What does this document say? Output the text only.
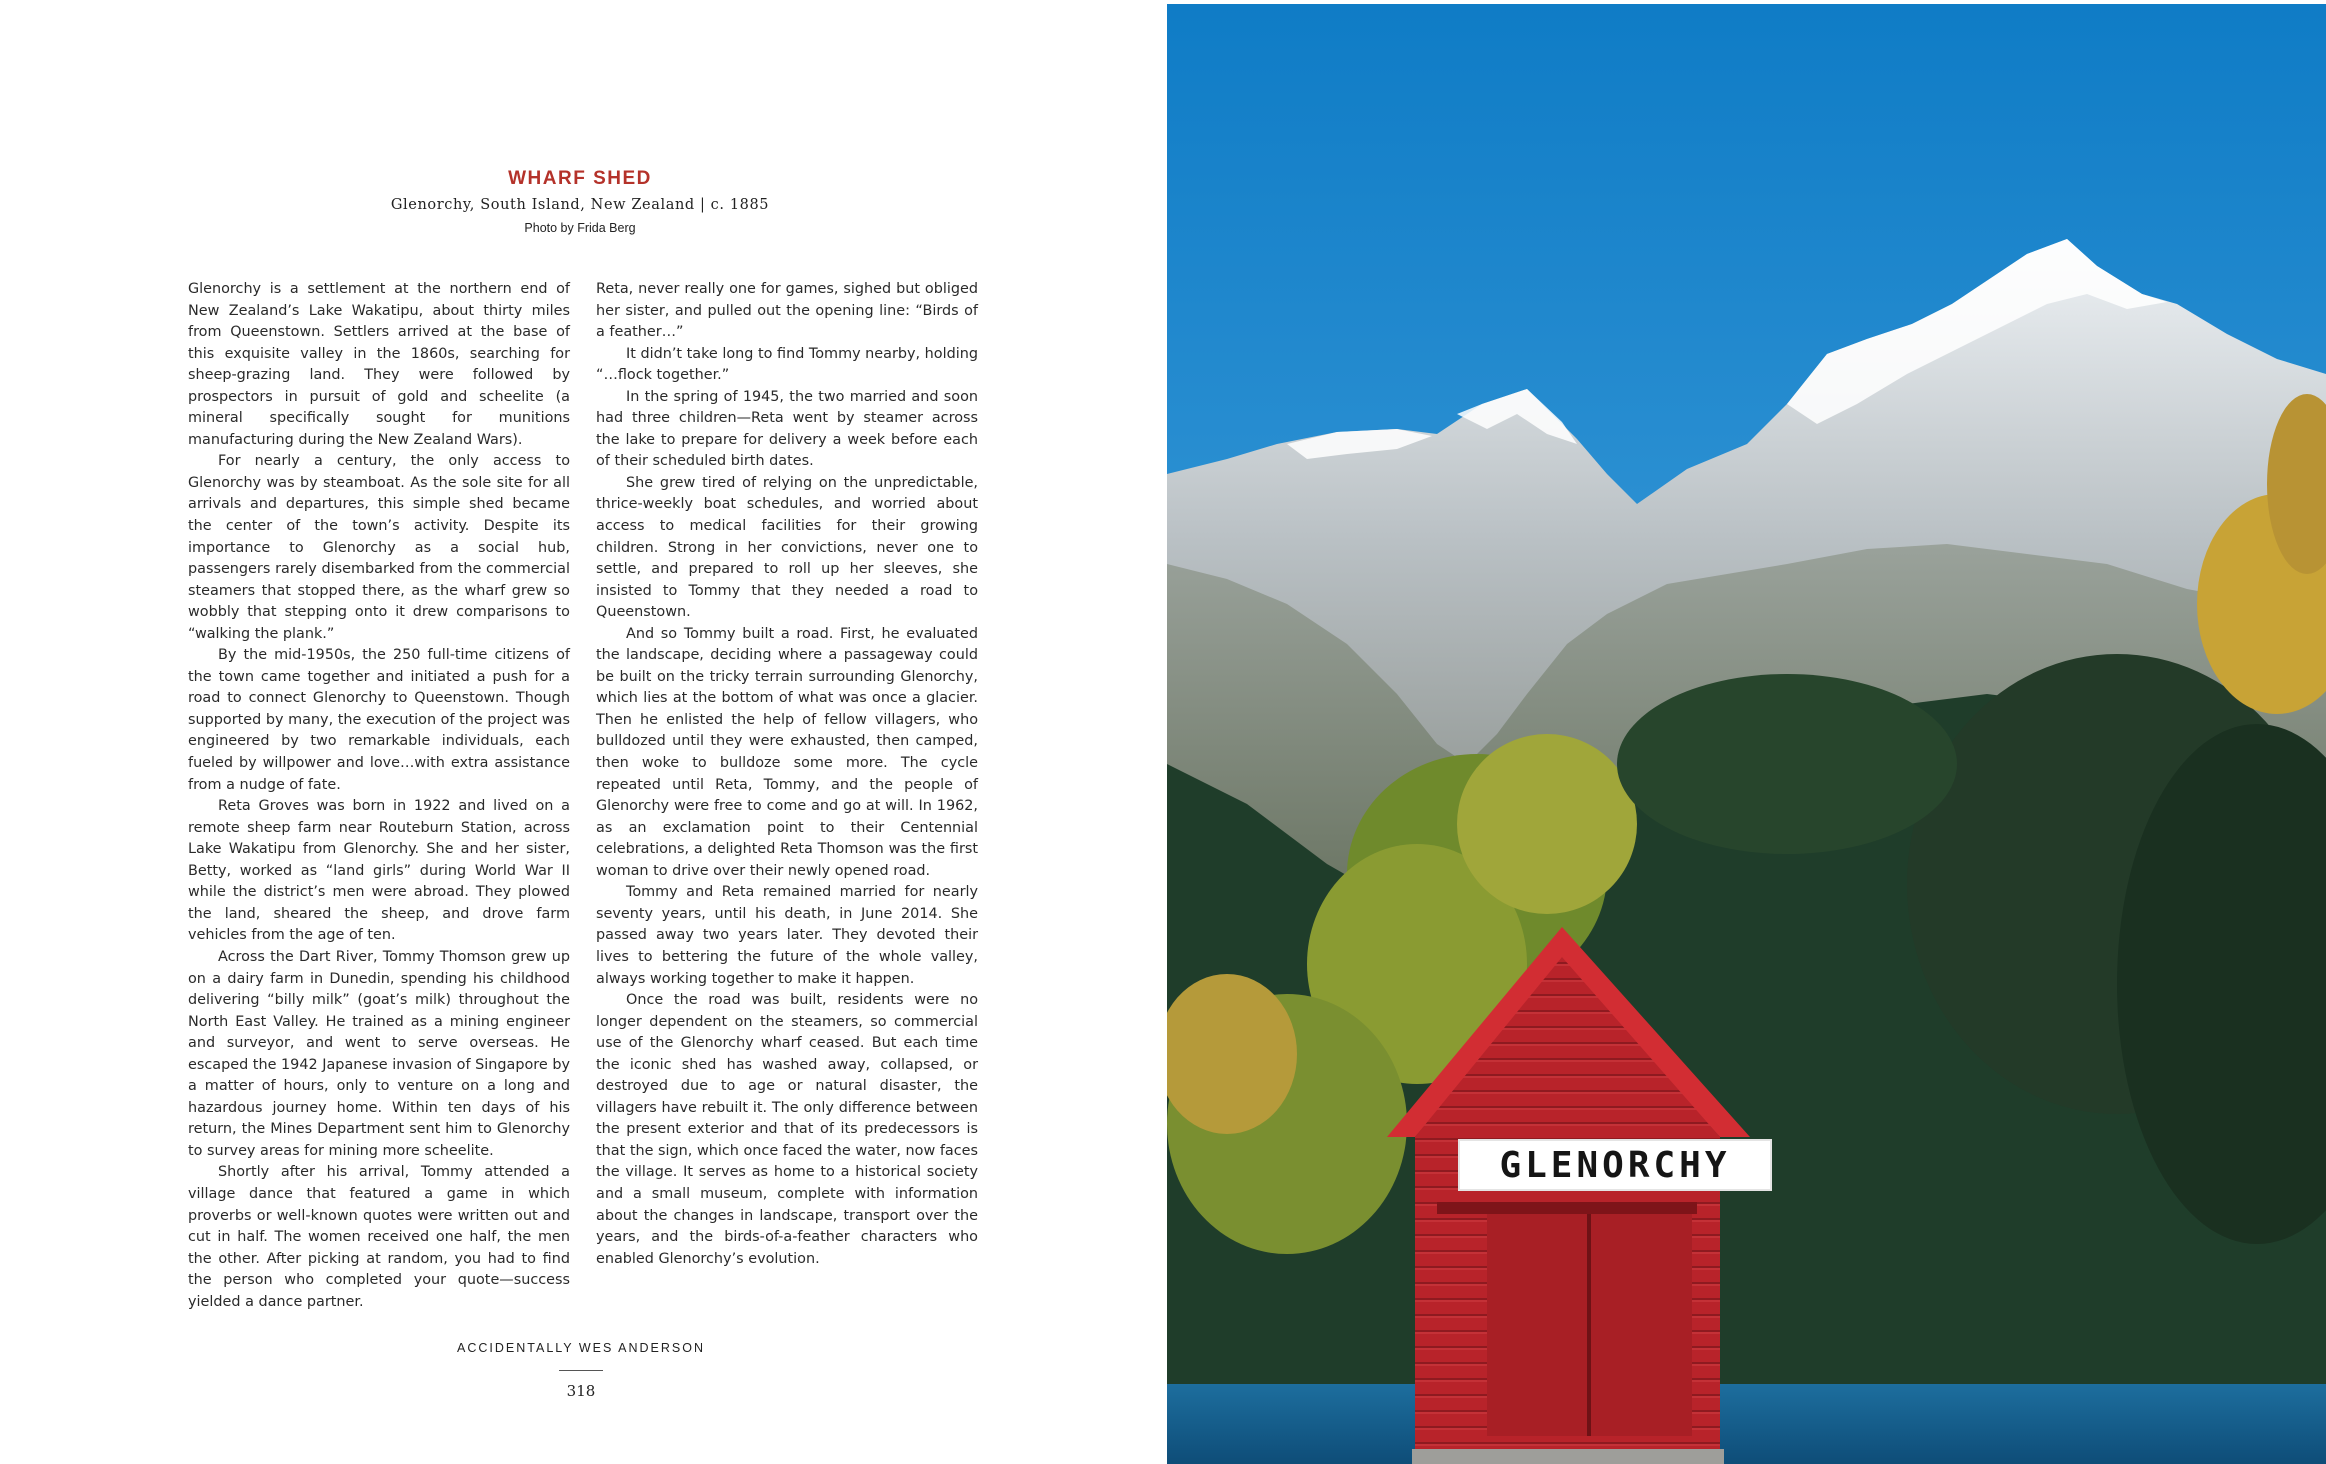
WHARF SHED
Glenorchy, South Island, New Zealand | c. 1885
Photo by Frida Berg

Glenorchy is a settlement at the northern end of New Zealand’s Lake Wakatipu, about thirty miles from Queenstown. Settlers arrived at the base of this exquisite valley in the 1860s, searching for sheep-grazing land. They were followed by prospectors in pursuit of gold and scheelite (a mineral specifically sought for munitions manufacturing during the New Zealand Wars).

For nearly a century, the only access to Glenorchy was by steamboat. As the sole site for all arrivals and departures, this simple shed became the center of the town’s activity. Despite its importance to Glenorchy as a social hub, passengers rarely disembarked from the commercial steamers that stopped there, as the wharf grew so wobbly that stepping onto it drew comparisons to “walking the plank.”

By the mid-1950s, the 250 full-time citizens of the town came together and initiated a push for a road to connect Glenorchy to Queenstown. Though supported by many, the execution of the project was engineered by two remarkable individuals, each fueled by willpower and love…with extra assistance from a nudge of fate.

Reta Groves was born in 1922 and lived on a remote sheep farm near Routeburn Station, across Lake Wakatipu from Glenorchy. She and her sister, Betty, worked as “land girls” during World War II while the district’s men were abroad. They plowed the land, sheared the sheep, and drove farm vehicles from the age of ten.

Across the Dart River, Tommy Thomson grew up on a dairy farm in Dunedin, spending his childhood delivering “billy milk” (goat’s milk) throughout the North East Valley. He trained as a mining engineer and surveyor, and went to serve overseas. He escaped the 1942 Japanese invasion of Singapore by a matter of hours, only to venture on a long and hazardous journey home. Within ten days of his return, the Mines Department sent him to Glenorchy to survey areas for mining more scheelite.

Shortly after his arrival, Tommy attended a village dance that featured a game in which proverbs or well-known quotes were written out and cut in half. The women received one half, the men the other. After picking at random, you had to find the person who completed your quote—success yielded a dance partner.

Reta, never really one for games, sighed but obliged her sister, and pulled out the opening line: “Birds of a feather…”

It didn’t take long to find Tommy nearby, holding “…flock together.”

In the spring of 1945, the two married and soon had three children—Reta went by steamer across the lake to prepare for delivery a week before each of their scheduled birth dates.

She grew tired of relying on the unpredictable, thrice-weekly boat schedules, and worried about access to medical facilities for their growing children. Strong in her convictions, never one to settle, and prepared to roll up her sleeves, she insisted to Tommy that they needed a road to Queenstown.

And so Tommy built a road. First, he evaluated the landscape, deciding where a passageway could be built on the tricky terrain surrounding Glenorchy, which lies at the bottom of what was once a glacier. Then he enlisted the help of fellow villagers, who bulldozed until they were exhausted, then camped, then woke to bulldoze some more. The cycle repeated until Reta, Tommy, and the people of Glenorchy were free to come and go at will. In 1962, as an exclamation point to their Centennial celebrations, a delighted Reta Thomson was the first woman to drive over their newly opened road.

Tommy and Reta remained married for nearly seventy years, until his death, in June 2014. She passed away two years later. They devoted their lives to bettering the future of the whole valley, always working together to make it happen.

Once the road was built, residents were no longer dependent on the steamers, so commercial use of the Glenorchy wharf ceased. But each time the iconic shed has washed away, collapsed, or destroyed due to age or natural disaster, the villagers have rebuilt it. The only difference between the present exterior and that of its predecessors is that the sign, which once faced the water, now faces the village. It serves as home to a historical society and a small museum, complete with information about the changes in landscape, transport over the years, and the birds-of-a-feather characters who enabled Glenorchy’s evolution.

ACCIDENTALLY WES ANDERSON
318
GLENORCHY
